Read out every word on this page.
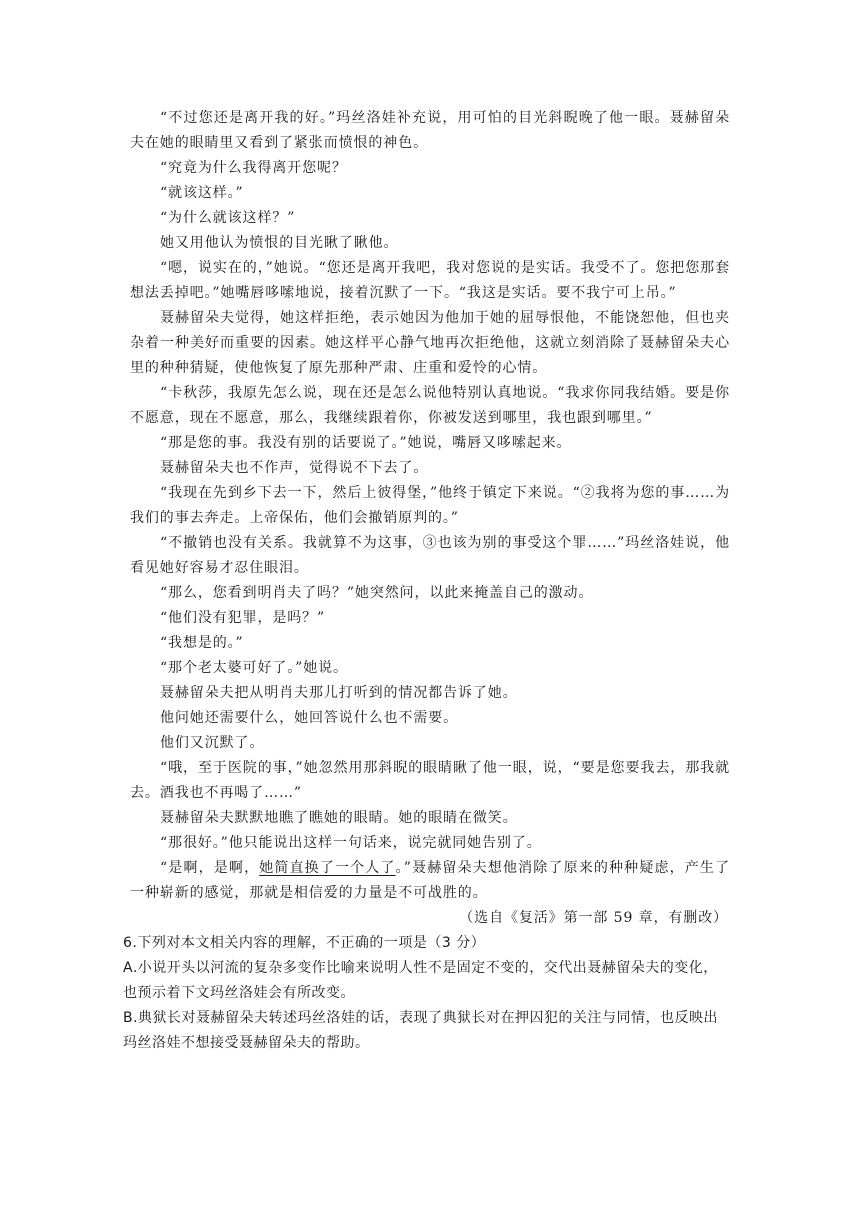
“不过您还是离开我的好。”玛丝洛娃补充说，用可怕的目光斜睨晚了他一眼。聂赫留朵夫在她的眼睛里又看到了紧张而愤恨的神色。

“究竟为什么我得离开您呢？

“就该这样。”

“为什么就该这样？”

她又用他认为愤恨的目光瞅了瞅他。

“嗯，说实在的，”她说。“您还是离开我吧，我对您说的是实话。我受不了。您把您那套想法丢掉吧。”她嘴唇哆嗦地说，接着沉默了一下。“我这是实话。要不我宁可上吊。”

聂赫留朵夫觉得，她这样拒绝，表示她因为他加于她的屈辱恨他，不能饶恕他，但也夹杂着一种美好而重要的因素。她这样平心静气地再次拒绝他，这就立刻消除了聂赫留朵夫心里的种种猜疑，使他恢复了原先那种严肃、庄重和爱怜的心情。

“卡秋莎，我原先怎么说，现在还是怎么说他特别认真地说。“我求你同我结婚。要是你不愿意，现在不愿意，那么，我继续跟着你，你被发送到哪里，我也跟到哪里。”

“那是您的事。我没有别的话要说了。”她说，嘴唇又哆嗦起来。

聂赫留朵夫也不作声，觉得说不下去了。

“我现在先到乡下去一下，然后上彼得堡，”他终于镇定下来说。“②我将为您的事……为我们的事去奔走。上帝保佑，他们会撤销原判的。”

“不撤销也没有关系。我就算不为这事，③也该为别的事受这个罪……”玛丝洛娃说，他看见她好容易才忍住眼泪。

“那么，您看到明肖夫了吗？”她突然问，以此来掩盖自己的激动。

“他们没有犯罪，是吗？”

“我想是的。”

“那个老太婆可好了。”她说。

聂赫留朵夫把从明肖夫那儿打听到的情况都告诉了她。

他问她还需要什么，她回答说什么也不需要。

他们又沉默了。

“哦，至于医院的事，”她忽然用那斜睨的眼睛瞅了他一眼，说，“要是您要我去，那我就去。酒我也不再喝了……”

聂赫留朵夫默默地瞧了瞧她的眼睛。她的眼睛在微笑。

“那很好。”他只能说出这样一句话来，说完就同她告别了。

“是啊，是啊，她简直换了一个人了。”聂赫留朵夫想他消除了原来的种种疑虑，产生了一种崭新的感觉，那就是相信爱的力量是不可战胜的。

（选自《复活》第一部 59 章，有删改）

6.下列对本文相关内容的理解，不正确的一项是（3 分）

A.小说开头以河流的复杂多变作比喻来说明人性不是固定不变的，交代出聂赫留朵夫的变化，也预示着下文玛丝洛娃会有所改变。

B.典狱长对聂赫留朵夫转述玛丝洛娃的话，表现了典狱长对在押囚犯的关注与同情，也反映出玛丝洛娃不想接受聂赫留朵夫的帮助。
